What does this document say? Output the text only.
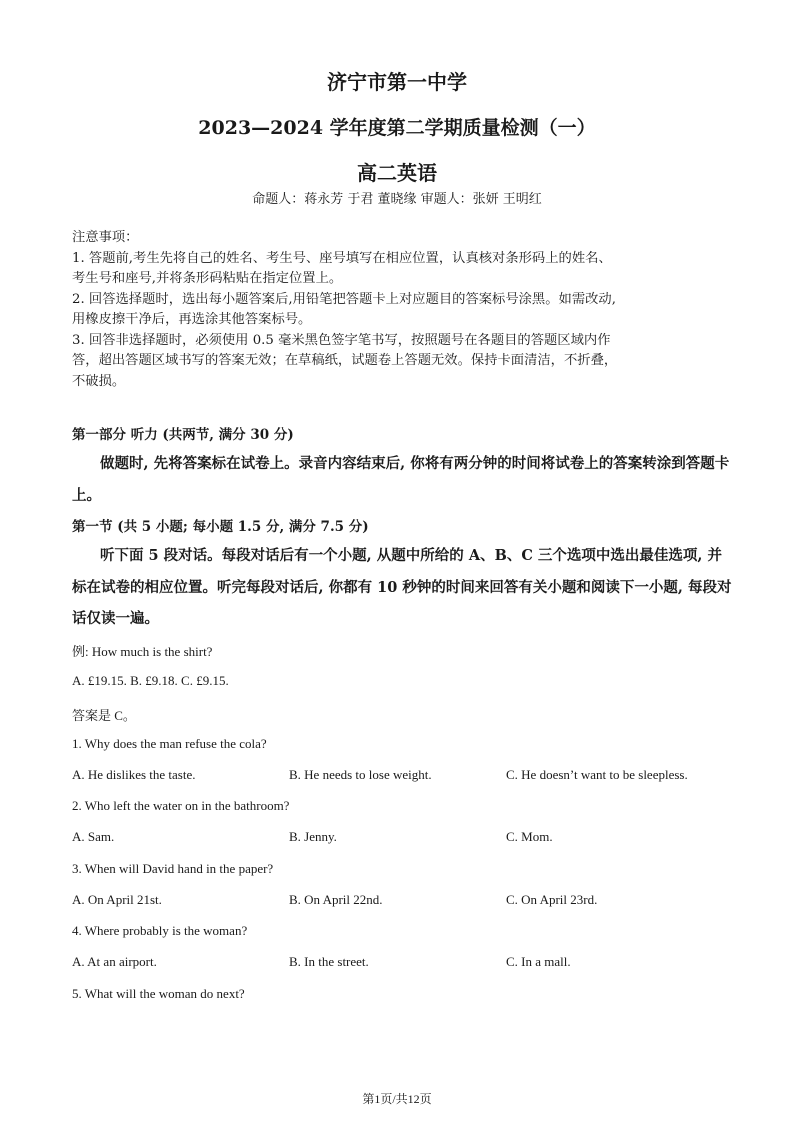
济宁市第一中学
2023—2024 学年度第二学期质量检测（一）
高二英语
命题人：蒋永芳 于君 董晓缘 审题人：张妍 王明红
注意事项：
1. 答题前,考生先将自己的姓名、考生号、座号填写在相应位置，认真核对条形码上的姓名、
考生号和座号,并将条形码粘贴在指定位置上。
2. 回答选择题时，选出每小题答案后,用铅笔把答题卡上对应题目的答案标号涂黑。如需改动,
用橡皮擦干净后，再选涂其他答案标号。
3. 回答非选择题时，必须使用 0.5 毫米黑色签字笔书写，按照题号在各题目的答题区域内作
答，超出答题区域书写的答案无效；在草稿纸，试题卷上答题无效。保持卡面清洁，不折叠，
不破损。
第一部分 听力 (共两节, 满分 30 分)
做题时, 先将答案标在试卷上。录音内容结束后, 你将有两分钟的时间将试卷上的答案转涂到答题卡上。
第一节 (共 5 小题; 每小题 1.5 分, 满分 7.5 分)
听下面 5 段对话。每段对话后有一个小题, 从题中所给的 A、B、C 三个选项中选出最佳选项, 并标在试卷的相应位置。听完每段对话后, 你都有 10 秒钟的时间来回答有关小题和阅读下一小题, 每段对话仅读一遍。
例: How much is the shirt?
A. £19.15. B. £9.18. C. £9.15.
答案是 C。
1. Why does the man refuse the cola?
A. He dislikes the taste.	B. He needs to lose weight.	C. He doesn’t want to be sleepless.
2. Who left the water on in the bathroom?
A. Sam.	B. Jenny.	C. Mom.
3. When will David hand in the paper?
A. On April 21st.	B. On April 22nd.	C. On April 23rd.
4. Where probably is the woman?
A. At an airport.	B. In the street.	C. In a mall.
5. What will the woman do next?
第1页/共12页
